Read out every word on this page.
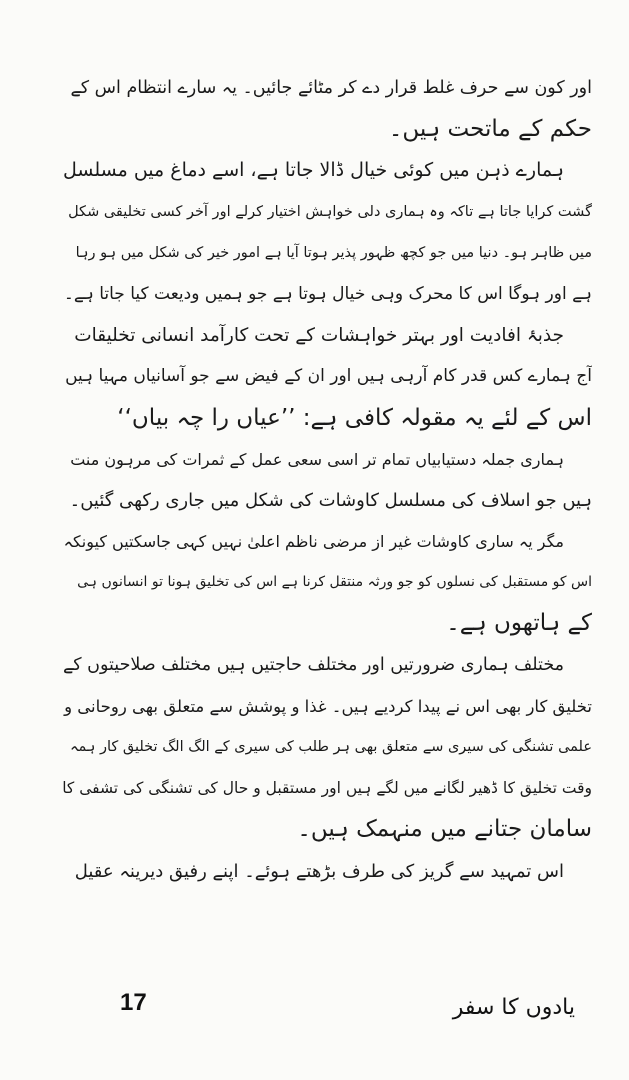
اور کون سے حرف غلط قرار دے کر مٹائے جائیں۔ یہ سارے انتظام اس کے
حکم کے ماتحت ہیں۔
ہمارے ذہن میں کوئی خیال ڈالا جاتا ہے، اسے دماغ میں مسلسل
گشت کرایا جاتا ہے تاکہ وہ ہماری دلی خواہش اختیار کرلے اور آخر کسی تخلیقی شکل
میں ظاہر ہو۔ دنیا میں جو کچھ ظہور پذیر ہوتا آیا ہے امور خیر کی شکل میں ہو رہا
ہے اور ہوگا اس کا محرک وہی خیال ہوتا ہے جو ہمیں ودیعت کیا جاتا ہے۔
جذبۂ افادیت اور بہتر خواہشات کے تحت کارآمد انسانی تخلیقات
آج ہمارے کس قدر کام آرہی ہیں اور ان کے فیض سے جو آسانیاں مہیا ہیں
اس کے لئے یہ مقولہ کافی ہے: ’’عیاں را چہ بیاں‘‘
ہماری جملہ دستیابیاں تمام تر اسی سعی عمل کے ثمرات کی مرہون منت
ہیں جو اسلاف کی مسلسل کاوشات کی شکل میں جاری رکھی گئیں۔
مگر یہ ساری کاوشات غیر از مرضی ناظم اعلیٰ نہیں کہی جاسکتیں کیونکہ
اس کو مستقبل کی نسلوں کو جو ورثہ منتقل کرنا ہے اس کی تخلیق ہونا تو انسانوں ہی
کے ہاتھوں ہے۔
مختلف ہماری ضرورتیں اور مختلف حاجتیں ہیں مختلف صلاحیتوں کے
تخلیق کار بھی اس نے پیدا کردیے ہیں۔ غذا و پوشش سے متعلق بھی روحانی و
علمی تشنگی کی سیری سے متعلق بھی ہر طلب کی سیری کے الگ الگ تخلیق کار ہمہ
وقت تخلیق کا ڈھیر لگانے میں لگے ہیں اور مستقبل و حال کی تشنگی کی تشفی کا
سامان جتانے میں منہمک ہیں۔
اس تمہید سے گریز کی طرف بڑھتے ہوئے۔ اپنے رفیق دیرینہ عقیل
17	یادوں کا سفر
